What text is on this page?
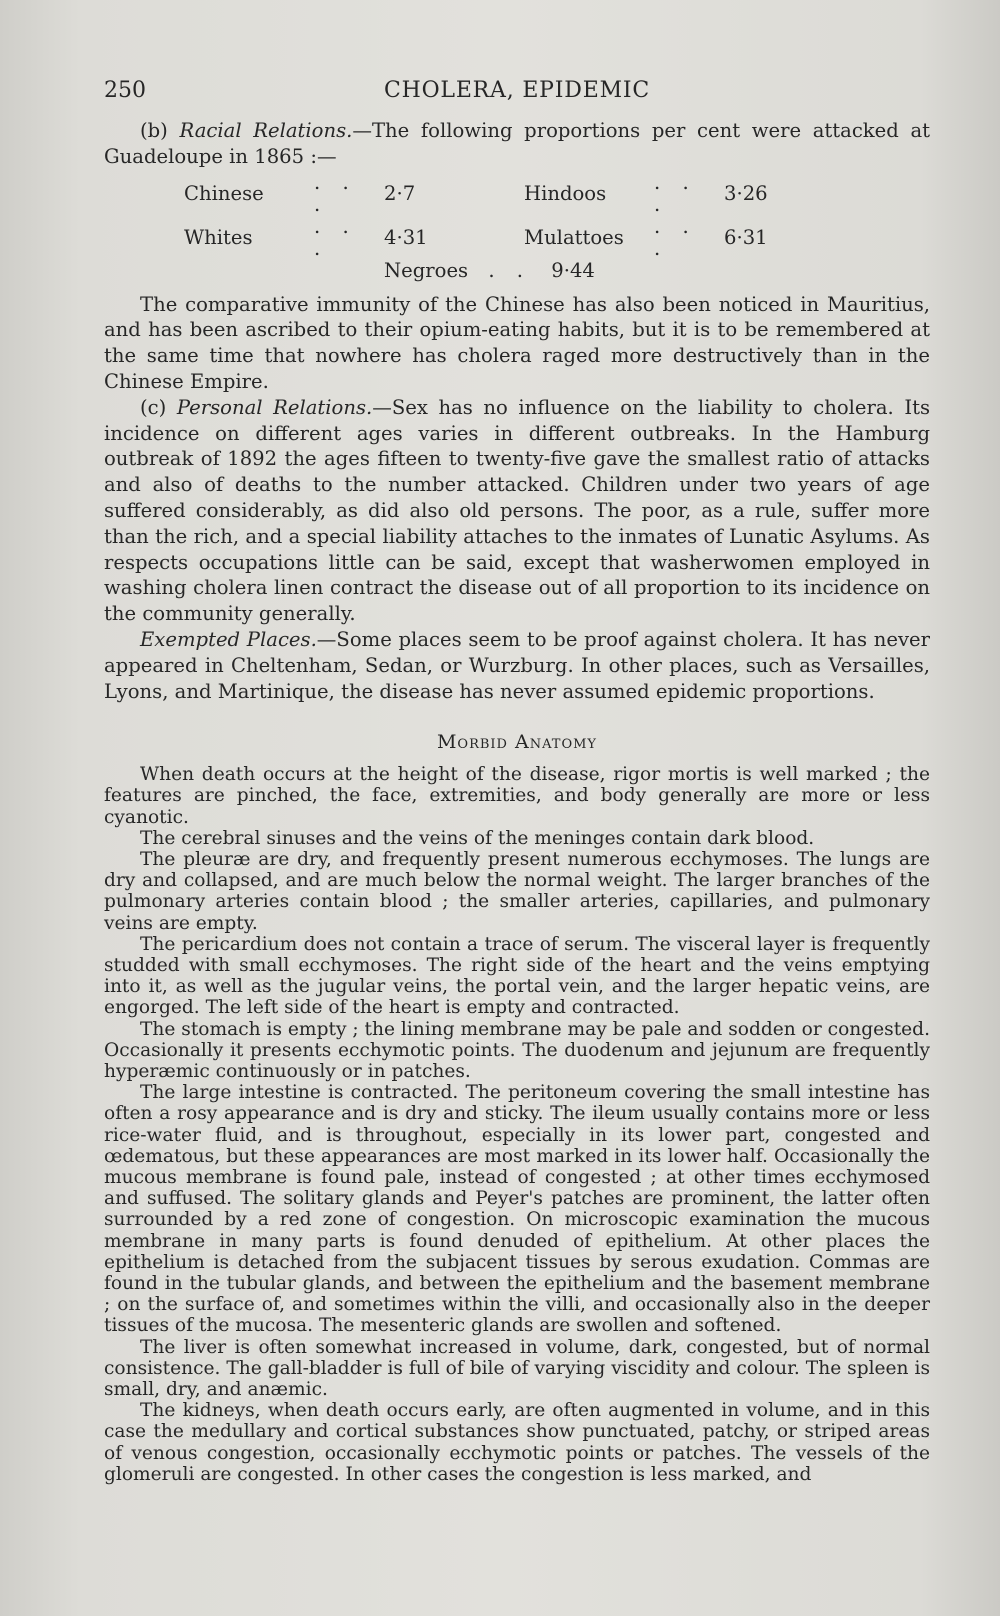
250	CHOLERA, EPIDEMIC

(b) Racial Relations.—The following proportions per cent were attacked at Guadeloupe in 1865 :—

Chinese	. . .	2·7	Hindoos	. . .	3·26
Whites	. . .	4·31	Mulattoes	. . .	6·31
Negroes . . 9·44

The comparative immunity of the Chinese has also been noticed in Mauritius, and has been ascribed to their opium-eating habits, but it is to be remembered at the same time that nowhere has cholera raged more destructively than in the Chinese Empire.

(c) Personal Relations.—Sex has no influence on the liability to cholera. Its incidence on different ages varies in different outbreaks. In the Hamburg outbreak of 1892 the ages fifteen to twenty-five gave the smallest ratio of attacks and also of deaths to the number attacked. Children under two years of age suffered considerably, as did also old persons. The poor, as a rule, suffer more than the rich, and a special liability attaches to the inmates of Lunatic Asylums. As respects occupations little can be said, except that washerwomen employed in washing cholera linen contract the disease out of all proportion to its incidence on the community generally.

Exempted Places.—Some places seem to be proof against cholera. It has never appeared in Cheltenham, Sedan, or Wurzburg. In other places, such as Versailles, Lyons, and Martinique, the disease has never assumed epidemic proportions.

Morbid Anatomy

When death occurs at the height of the disease, rigor mortis is well marked ; the features are pinched, the face, extremities, and body generally are more or less cyanotic.

The cerebral sinuses and the veins of the meninges contain dark blood.

The pleuræ are dry, and frequently present numerous ecchymoses. The lungs are dry and collapsed, and are much below the normal weight. The larger branches of the pulmonary arteries contain blood ; the smaller arteries, capillaries, and pulmonary veins are empty.

The pericardium does not contain a trace of serum. The visceral layer is frequently studded with small ecchymoses. The right side of the heart and the veins emptying into it, as well as the jugular veins, the portal vein, and the larger hepatic veins, are engorged. The left side of the heart is empty and contracted.

The stomach is empty ; the lining membrane may be pale and sodden or congested. Occasionally it presents ecchymotic points. The duodenum and jejunum are frequently hyperæmic continuously or in patches.

The large intestine is contracted. The peritoneum covering the small intestine has often a rosy appearance and is dry and sticky. The ileum usually contains more or less rice-water fluid, and is throughout, especially in its lower part, congested and œdematous, but these appearances are most marked in its lower half. Occasionally the mucous membrane is found pale, instead of congested ; at other times ecchymosed and suffused. The solitary glands and Peyer's patches are prominent, the latter often surrounded by a red zone of congestion. On microscopic examination the mucous membrane in many parts is found denuded of epithelium. At other places the epithelium is detached from the subjacent tissues by serous exudation. Commas are found in the tubular glands, and between the epithelium and the basement membrane ; on the surface of, and sometimes within the villi, and occasionally also in the deeper tissues of the mucosa. The mesenteric glands are swollen and softened.

The liver is often somewhat increased in volume, dark, congested, but of normal consistence. The gall-bladder is full of bile of varying viscidity and colour. The spleen is small, dry, and anæmic.

The kidneys, when death occurs early, are often augmented in volume, and in this case the medullary and cortical substances show punctuated, patchy, or striped areas of venous congestion, occasionally ecchymotic points or patches. The vessels of the glomeruli are congested. In other cases the congestion is less marked, and
